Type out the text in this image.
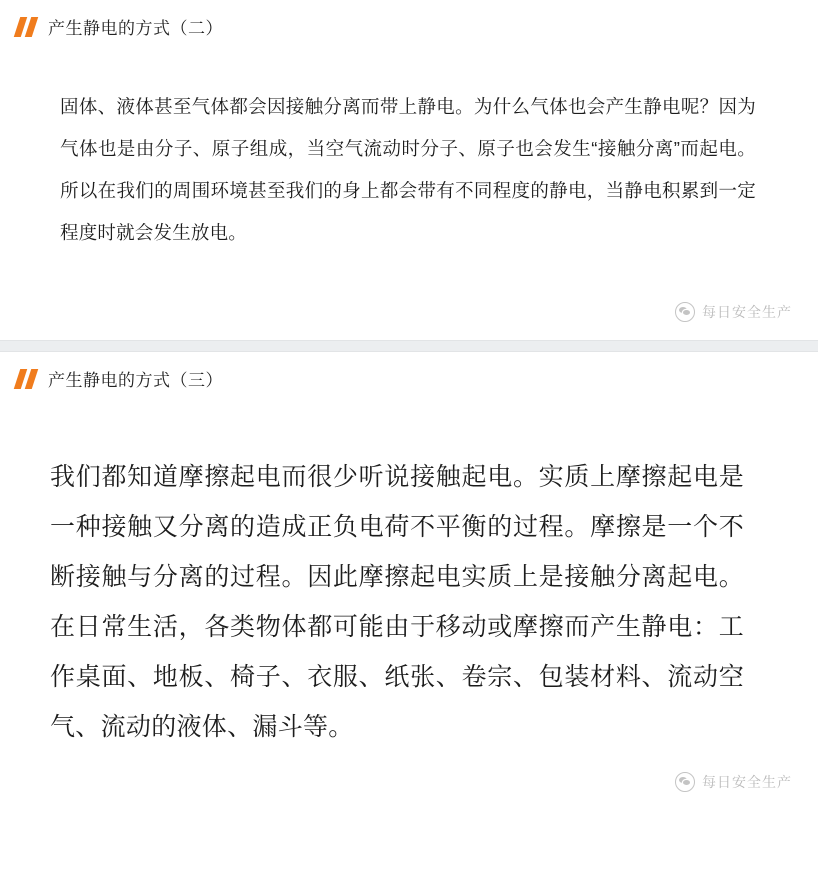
产生静电的方式（二）

固体、液体甚至气体都会因接触分离而带上静电。为什么气体也会产生静电呢？因为气体也是由分子、原子组成，当空气流动时分子、原子也会发生“接触分离”而起电。所以在我们的周围环境甚至我们的身上都会带有不同程度的静电，当静电积累到一定程度时就会发生放电。

每日安全生产
产生静电的方式（三）

我们都知道摩擦起电而很少听说接触起电。实质上摩擦起电是一种接触又分离的造成正负电荷不平衡的过程。摩擦是一个不断接触与分离的过程。因此摩擦起电实质上是接触分离起电。在日常生活，各类物体都可能由于移动或摩擦而产生静电：工作桌面、地板、椅子、衣服、纸张、卷宗、包装材料、流动空气、流动的液体、漏斗等。

每日安全生产
